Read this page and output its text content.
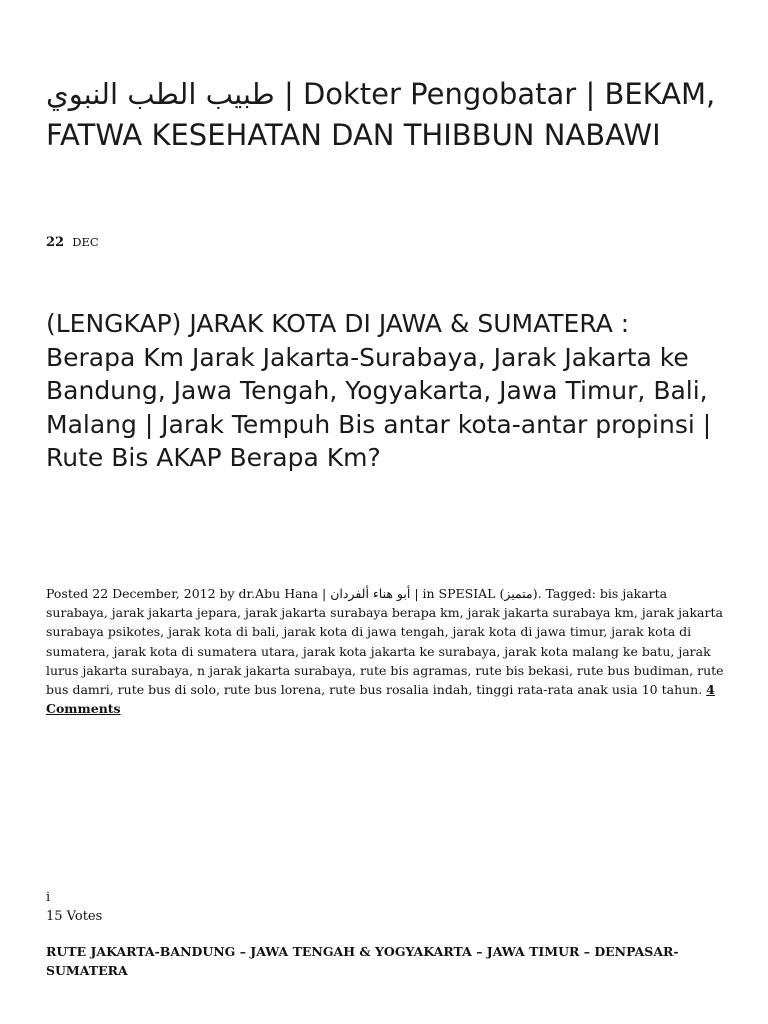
طبيب الطب النبوي | Dokter Pengobatar | BEKAM, FATWA KESEHATAN DAN THIBBUN NABAWI
22 DEC
(LENGKAP) JARAK KOTA DI JAWA & SUMATERA : Berapa Km Jarak Jakarta-Surabaya, Jarak Jakarta ke Bandung, Jawa Tengah, Yogyakarta, Jawa Timur, Bali, Malang | Jarak Tempuh Bis antar kota-antar propinsi | Rute Bis AKAP Berapa Km?

Posted 22 December, 2012 by dr.Abu Hana | أبو هناء ألفردان | in SPESIAL (متميز). Tagged: bis jakarta surabaya, jarak jakarta jepara, jarak jakarta surabaya berapa km, jarak jakarta surabaya km, jarak jakarta surabaya psikotes, jarak kota di bali, jarak kota di jawa tengah, jarak kota di jawa timur, jarak kota di sumatera, jarak kota di sumatera utara, jarak kota jakarta ke surabaya, jarak kota malang ke batu, jarak lurus jakarta surabaya, n jarak jakarta surabaya, rute bis agramas, rute bis bekasi, rute bus budiman, rute bus damri, rute bus di solo, rute bus lorena, rute bus rosalia indah, tinggi rata-rata anak usia 10 tahun. 4 Comments

i
15 Votes
RUTE JAKARTA-BANDUNG – JAWA TENGAH & YOGYAKARTA – JAWA TIMUR – DENPASAR-SUMATERA
